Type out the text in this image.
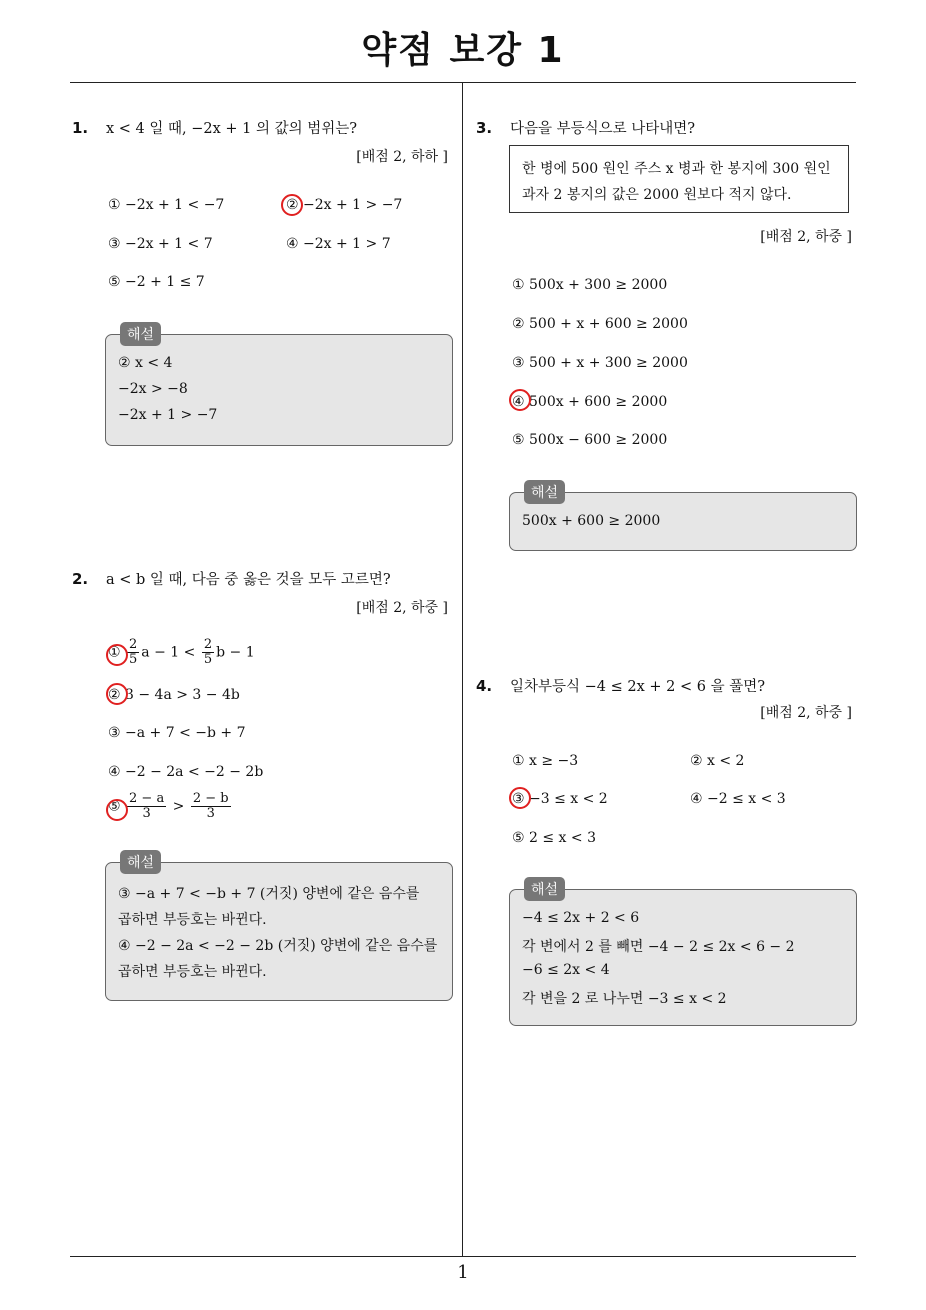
약점 보강 1
1. x < 4 일 때, −2x + 1 의 값의 범위는?
[배점 2, 하하 ]
① −2x + 1 < −7	② −2x + 1 > −7
③ −2x + 1 < 7	④ −2x + 1 > 7
⑤ −2 + 1 ≤ 7
② x < 4
−2x > −8
−2x + 1 > −7
해설
2. a < b 일 때, 다음 중 옳은 것을 모두 고르면?
[배점 2, 하중 ]
① $\frac{2}{5}$ $a - 1 < \frac{2}{5}$ b − 1
② 3 − 4a > 3 − 4b
③ −a + 7 < −b + 7
④ −2 − 2a < −2 − 2b
⑤ $\frac{2 - a}{3} > \frac{2 - b}{3}$
③ −a + 7 < −b + 7 (거짓) 양변에 같은 음수를
곱하면 부등호는 바뀐다.
④ −2 − 2a < −2 − 2b (거짓) 양변에 같은 음수를
곱하면 부등호는 바뀐다.
해설
3. 다음을 부등식으로 나타내면?
한 병에 500 원인 주스 x 병과 한 봉지에 300 원인
과자 2 봉지의 값은 2000 원보다 적지 않다.
[배점 2, 하중 ]
① 500x + 300 ≥ 2000
② 500 + x + 600 ≥ 2000
③ 500 + x + 300 ≥ 2000
④ 500x + 600 ≥ 2000
⑤ 500x − 600 ≥ 2000
500x + 600 ≥ 2000
해설
4. 일차부등식 −4 ≤ 2x + 2 < 6 을 풀면?
[배점 2, 하중 ]
① x ≥ −3	② x < 2
③ −3 ≤ x < 2	④ −2 ≤ x < 3
⑤ 2 ≤ x < 3
−4 ≤ 2x + 2 < 6
각 변에서 2 를 빼면 −4 − 2 ≤ 2x < 6 − 2
−6 ≤ 2x < 4
각 변을 2 로 나누면 −3 ≤ x < 2
해설
1
